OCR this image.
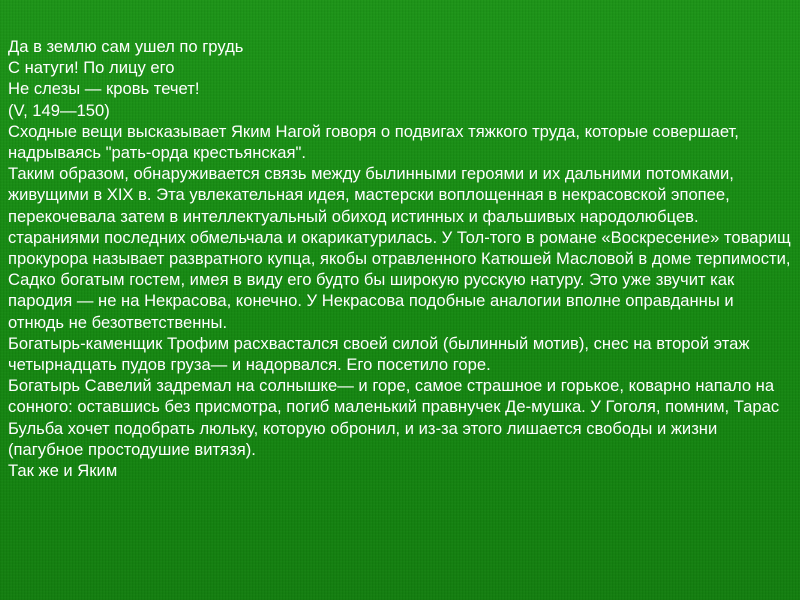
Да в землю сам ушел по грудь
С натуги! По лицу его
Не слезы — кровь течет!
(V, 149—150)
Сходные вещи высказывает Яким Нагой говоря о подвигах тяжкого труда, которые совершает, надрываясь "рать-орда крестьянская".
Таким образом, обнаруживается связь между былинными героями и их дальними потомками, живущими в XIX в. Эта увлекательная идея, мастерски воплощенная в некрасовской эпопее, перекочевала затем в интеллектуальный обиход истинных и фальшивых народолюбцев. стараниями последних обмельчала и окарикатурилась. У Тол-того в романе «Воскресение» товарищ прокурора называет развратного купца, якобы отравленного Катюшей Масловой в доме терпимости, Садко богатым гостем, имея в виду его будто бы широкую русскую натуру. Это уже звучит как пародия — не на Некрасова, конечно. У Некрасова подобные аналогии вполне оправданны и отнюдь не безответственны.
Богатырь-каменщик Трофим расхвастался своей силой (былинный мотив), снес на второй этаж четырнадцать пудов груза— и надорвался. Его посетило горе.
Богатырь Савелий задремал на солнышке— и горе, самое страшное и горькое, коварно напало на сонного: оставшись без присмотра, погиб маленький правнучек Де-мушка. У Гоголя, помним, Тарас Бульба хочет подобрать люльку, которую обронил, и из-за этого лишается свободы и жизни (пагубное простодушие витязя).
Так же и Яким
